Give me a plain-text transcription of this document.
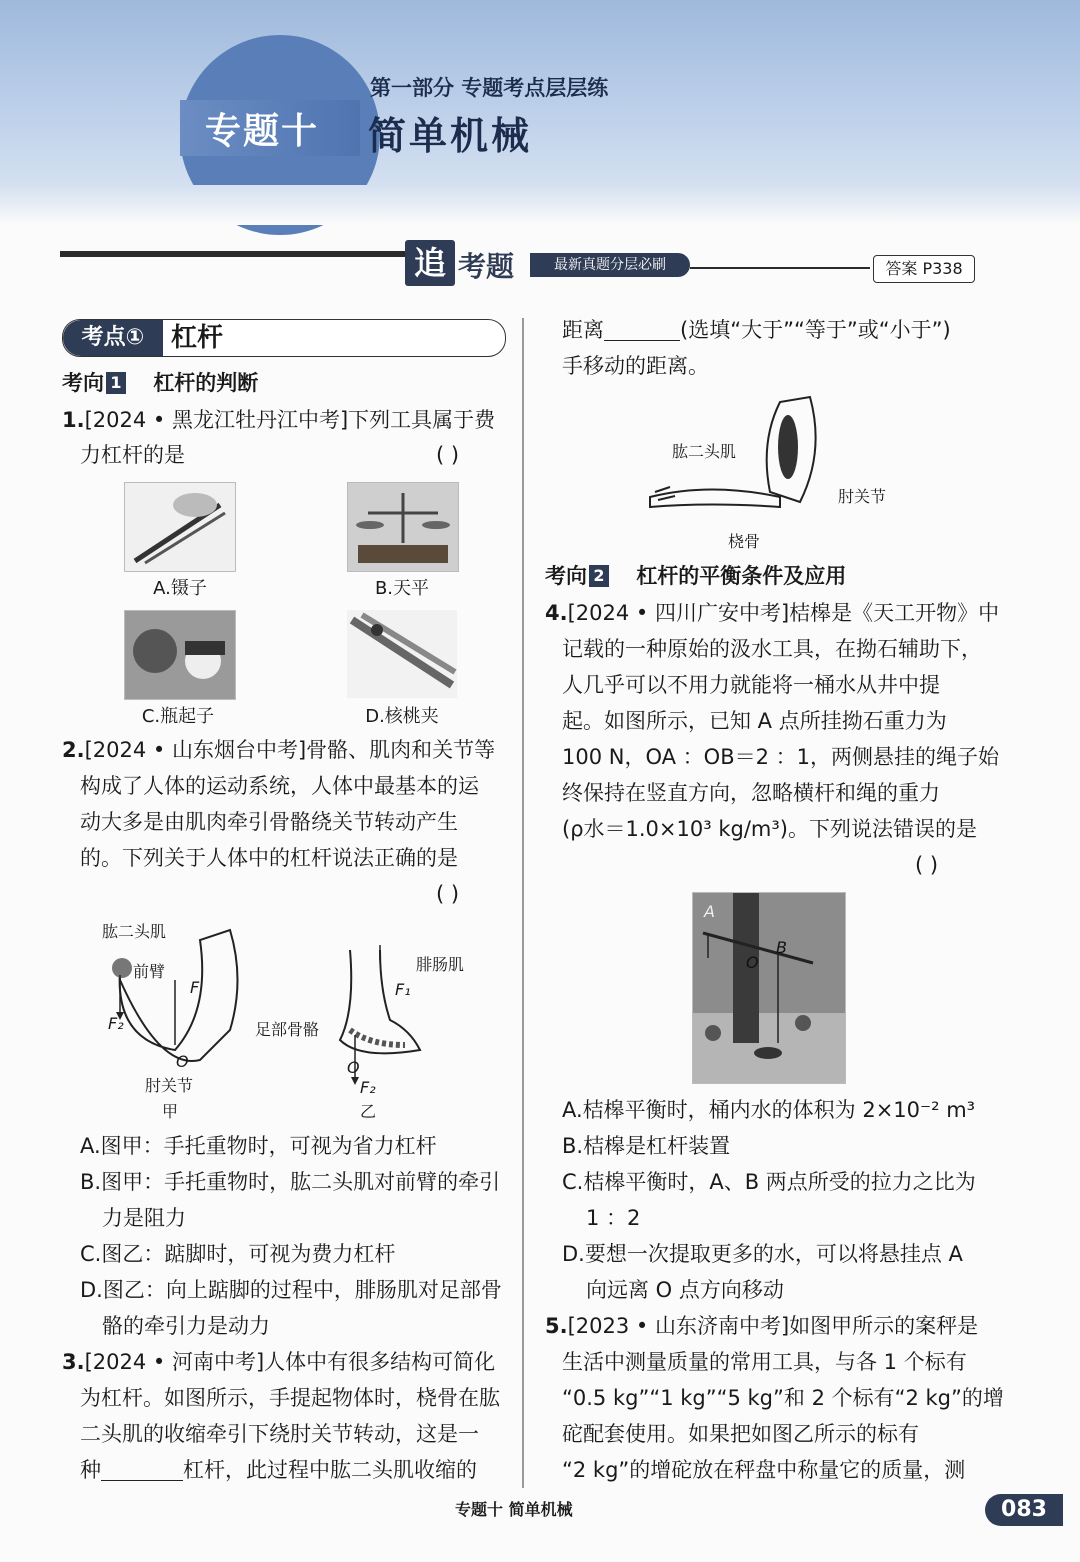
专题十
第一部分 专题考点层层练
简单机械
追 考题	最新真题分层必刷	答案 P338
考点①	杠杆
考向 1 杠杆的判断
1.[2024 • 黑龙江牡丹江中考]下列工具属于费
力杠杆的是	( )
A.镊子	B.天平
C.瓶起子	D.核桃夹
2.[2024 • 山东烟台中考]骨骼、肌肉和关节等
构成了人体的运动系统，人体中最基本的运
动大多是由肌肉牵引骨骼绕关节转动产生
的。下列关于人体中的杠杆说法正确的是
( )
肱二头肌
前臂
F
F₂
O
肘关节
甲
腓肠肌
F₁
足部骨骼
O
F₂
乙
A.图甲：手托重物时，可视为省力杠杆
B.图甲：手托重物时，肱二头肌对前臂的牵引
力是阻力
C.图乙：踮脚时，可视为费力杠杆
D.图乙：向上踮脚的过程中，腓肠肌对足部骨
骼的牵引力是动力
3.[2024 • 河南中考]人体中有很多结构可简化
为杠杆。如图所示，手提起物体时，桡骨在肱
二头肌的收缩牵引下绕肘关节转动，这是一
种	杠杆，此过程中肱二头肌收缩的
距离	(选填“大于”“等于”或“小于”)
手移动的距离。
肱二头肌
肘关节
桡骨
考向 2 杠杆的平衡条件及应用
4.[2024 • 四川广安中考]桔槔是《天工开物》中
记载的一种原始的汲水工具，在拗石辅助下，
人几乎可以不用力就能将一桶水从井中提
起。如图所示，已知 A 点所挂拗石重力为
100 N，OA ：OB＝2 ：1，两侧悬挂的绳子始
终保持在竖直方向，忽略横杆和绳的重力
(ρ水＝1.0×10³ kg/m³)。下列说法错误的是
( )
A
B
O
A.桔槔平衡时，桶内水的体积为 2×10⁻² m³
B.桔槔是杠杆装置
C.桔槔平衡时，A、B 两点所受的拉力之比为
1 ：2
D.要想一次提取更多的水，可以将悬挂点 A
向远离 O 点方向移动
5.[2023 • 山东济南中考]如图甲所示的案秤是
生活中测量质量的常用工具，与各 1 个标有
“0.5 kg”“1 kg”“5 kg”和 2 个标有“2 kg”的增
砣配套使用。如果把如图乙所示的标有
“2 kg”的增砣放在秤盘中称量它的质量，测
专题十 简单机械	083
